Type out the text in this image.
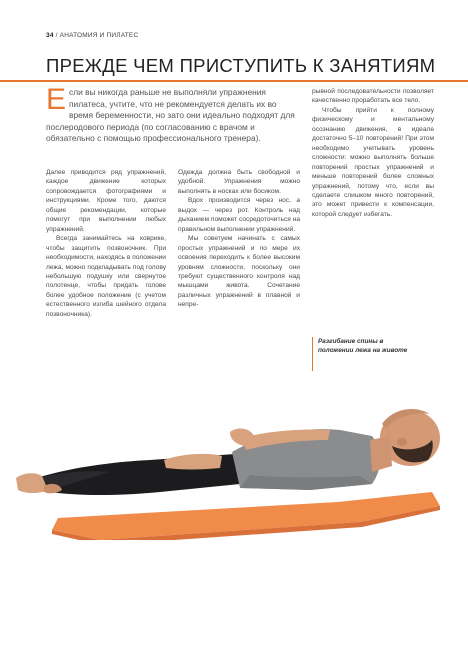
34 / АНАТОМИЯ И ПИЛАТЕС
ПРЕЖДЕ ЧЕМ ПРИСТУПИТЬ К ЗАНЯТИЯМ
Е сли вы никогда раньше не выполняли упражнения пилатеса, учтите, что не рекомендуется делать их во время беременности, но зато они идеально подходят для послеродового периода (по согласованию с врачом и обязательно с помощью профессионального тренера).

Далее приводится ряд упражнений, каждое движение которых сопровождается фотографиями и инструкциями. Кроме того, даются общие рекомендации, которые помогут при выполнении любых упражнений.

Всегда занимайтесь на коврике, чтобы защитить позвоночник. При необходимости, находясь в положении лежа, можно подкладывать под голову небольшую подушку или свернутое полотенце, чтобы придать голове более удобное положение (с учетом естественного изгиба шейного отдела позвоночника).

Одежда должна быть свободной и удобной. Упражнения можно выполнять в носках или босиком.

Вдох производится через нос, а выдох — через рот. Контроль над дыханием поможет сосредоточиться на правильном выполнении упражнений.

Мы советуем начинать с самых простых упражнений и по мере их освоения переходить к более высоким уровням сложности, поскольку они требуют существенного контроля над мышцами живота. Сочетание различных упражнений в плавной и непре-

рывной последовательности позволяет качественно проработать все тело.

Чтобы прийти к полному физическому и ментальному осознанию движения, в идеале достаточно 5–10 повторений! При этом необходимо учитывать уровень сложности: можно выполнять больше повторений простых упражнений и меньше повторений более сложных упражнений, потому что, если вы сделаете слишком много повторений, это может привести к компенсации, которой следует избегать.

Разгибание спины в положении лежа на животе
